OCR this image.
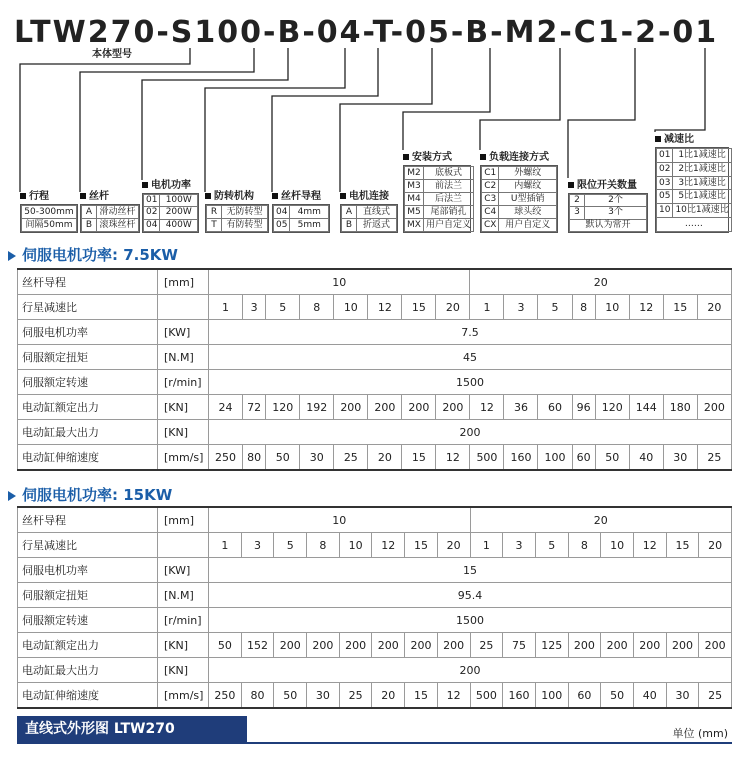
LTW270-S100-B-04-T-05-B-M2-C1-2-01
本体型号
行程
50-300mm
间隔50mm
丝杆
A	滑动丝杆
B	滚珠丝杆
电机功率
01	100W
02	200W
04	400W
防转机构
R	无防转型
T	有防转型
丝杆导程
04	4mm
05	5mm
电机连接
A	直线式
B	折返式
安装方式
M2	底板式
M3	前法兰
M4	后法兰
M5	尾部销孔
MX	用户自定义
负载连接方式
C1	外螺纹
C2	内螺纹
C3	U型插销
C4	球头绞
CX	用户自定义
限位开关数量
2	2个
3	3个
默认为常开	
减速比
01	1比1减速比
02	2比1减速比
03	3比1减速比
05	5比1减速比
10	10比1减速比
……	
伺服电机功率: 7.5KW
丝杆导程	[mm]	10								20							
行星减速比		1	3	5	8	10	12	15	20	1	3	5	8	10	12	15	20
伺服电机功率	[KW]	7.5															
伺服额定扭矩	[N.M]	45															
伺服额定转速	[r/min]	1500															
电动缸额定出力	[KN]	24	72	120	192	200	200	200	200	12	36	60	96	120	144	180	200
电动缸最大出力	[KN]	200															
电动缸伸缩速度	[mm/s]	250	80	50	30	25	20	15	12	500	160	100	60	50	40	30	25
伺服电机功率: 15KW
丝杆导程	[mm]	10								20							
行星减速比		1	3	5	8	10	12	15	20	1	3	5	8	10	12	15	20
伺服电机功率	[KW]	15															
伺服额定扭矩	[N.M]	95.4															
伺服额定转速	[r/min]	1500															
电动缸额定出力	[KN]	50	152	200	200	200	200	200	200	25	75	125	200	200	200	200	200
电动缸最大出力	[KN]	200															
电动缸伸缩速度	[mm/s]	250	80	50	30	25	20	15	12	500	160	100	60	50	40	30	25
直线式外形图 LTW270	单位 (mm)
